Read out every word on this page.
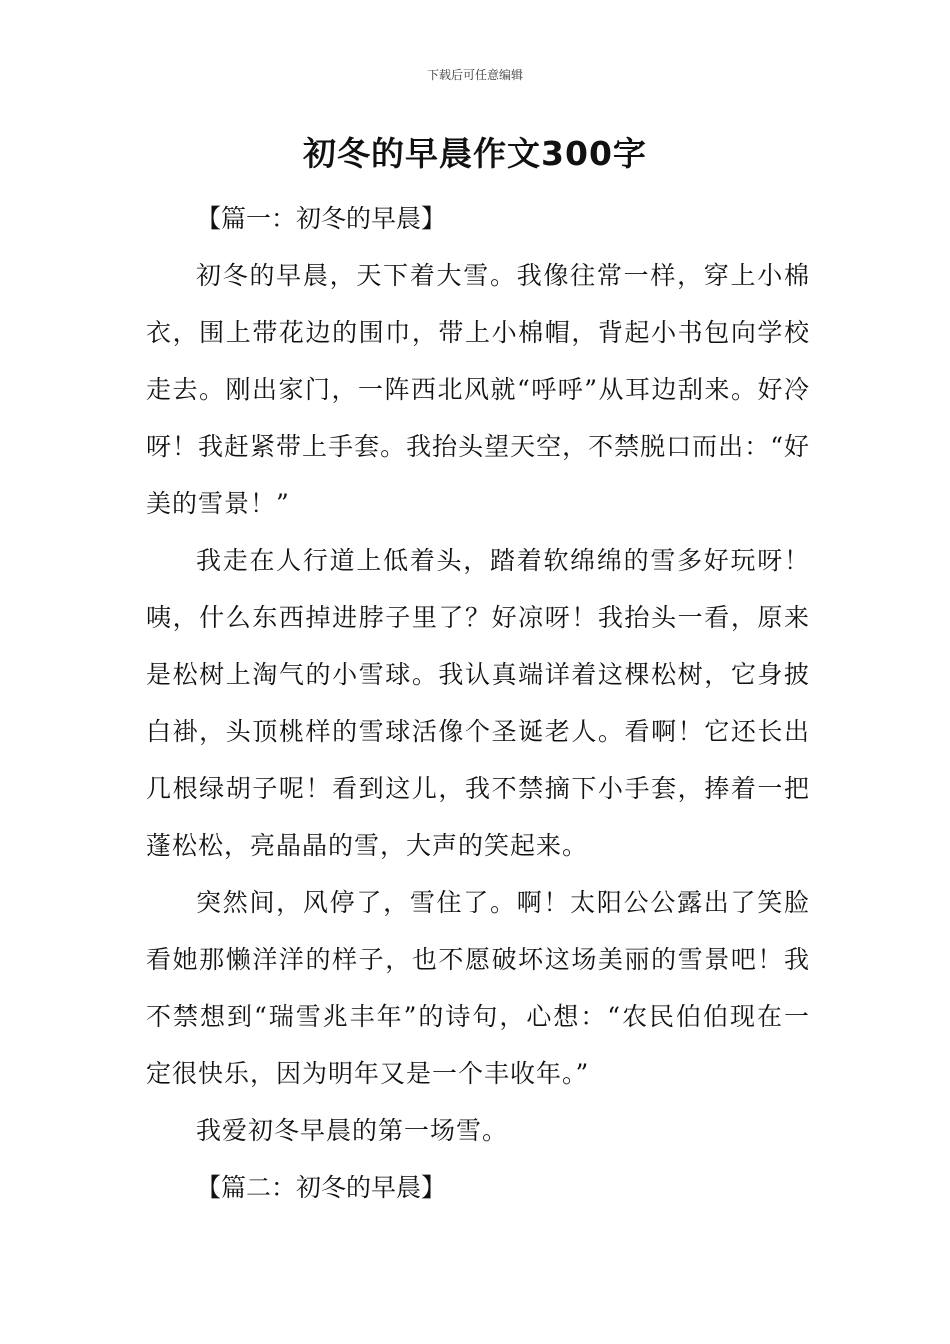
下载后可任意编辑
初冬的早晨作文300字

【篇一：初冬的早晨】

初冬的早晨，天下着大雪。我像往常一样，穿上小棉衣，围上带花边的围巾，带上小棉帽，背起小书包向学校走去。刚出家门，一阵西北风就“呼呼”从耳边刮来。好冷呀！我赶紧带上手套。我抬头望天空，不禁脱口而出：“好美的雪景！”

我走在人行道上低着头，踏着软绵绵的雪多好玩呀！咦，什么东西掉进脖子里了？好凉呀！我抬头一看，原来是松树上淘气的小雪球。我认真端详着这棵松树，它身披白褂，头顶桃样的雪球活像个圣诞老人。看啊！它还长出几根绿胡子呢！看到这儿，我不禁摘下小手套，捧着一把蓬松松，亮晶晶的雪，大声的笑起来。

突然间，风停了，雪住了。啊！太阳公公露出了笑脸看她那懒洋洋的样子，也不愿破坏这场美丽的雪景吧！我不禁想到“瑞雪兆丰年”的诗句，心想：“农民伯伯现在一定很快乐，因为明年又是一个丰收年。”

我爱初冬早晨的第一场雪。

【篇二：初冬的早晨】
